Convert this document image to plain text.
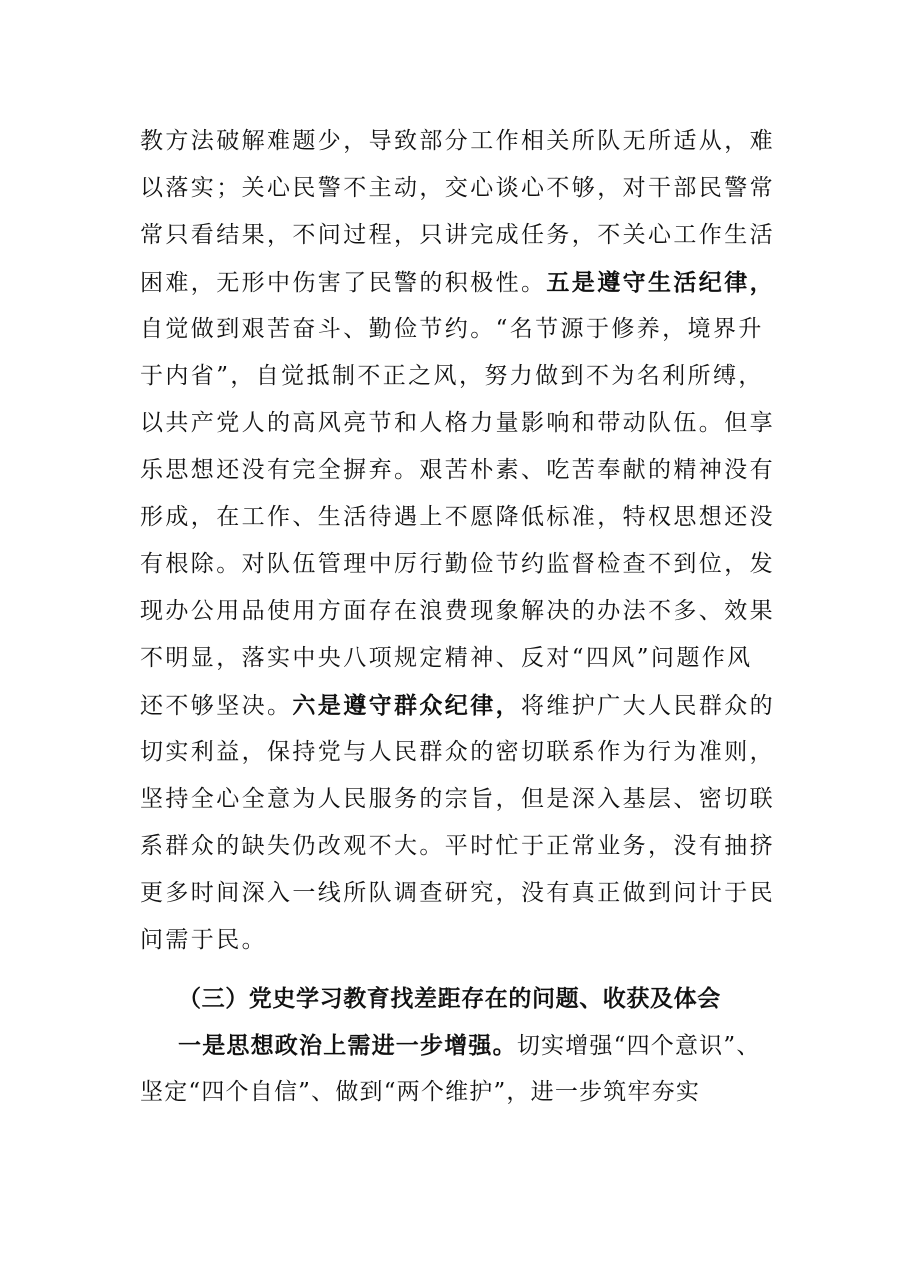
教方法破解难题少，导致部分工作相关所队无所适从，难
以落实；关心民警不主动，交心谈心不够，对干部民警常
常只看结果，不问过程，只讲完成任务，不关心工作生活
困难，无形中伤害了民警的积极性。五是遵守生活纪律，
自觉做到艰苦奋斗、勤俭节约。“名节源于修养，境界升
于内省”，自觉抵制不正之风，努力做到不为名利所缚，
以共产党人的高风亮节和人格力量影响和带动队伍。但享
乐思想还没有完全摒弃。艰苦朴素、吃苦奉献的精神没有
形成，在工作、生活待遇上不愿降低标准，特权思想还没
有根除。对队伍管理中厉行勤俭节约监督检查不到位，发
现办公用品使用方面存在浪费现象解决的办法不多、效果
不明显，落实中央八项规定精神、反对“四风”问题作风
还不够坚决。六是遵守群众纪律，将维护广大人民群众的
切实利益，保持党与人民群众的密切联系作为行为准则，
坚持全心全意为人民服务的宗旨，但是深入基层、密切联
系群众的缺失仍改观不大。平时忙于正常业务，没有抽挤
更多时间深入一线所队调查研究，没有真正做到问计于民
问需于民。
（三）党史学习教育找差距存在的问题、收获及体会
一是思想政治上需进一步增强。切实增强“四个意识”、
坚定“四个自信”、做到“两个维护”，进一步筑牢夯实
